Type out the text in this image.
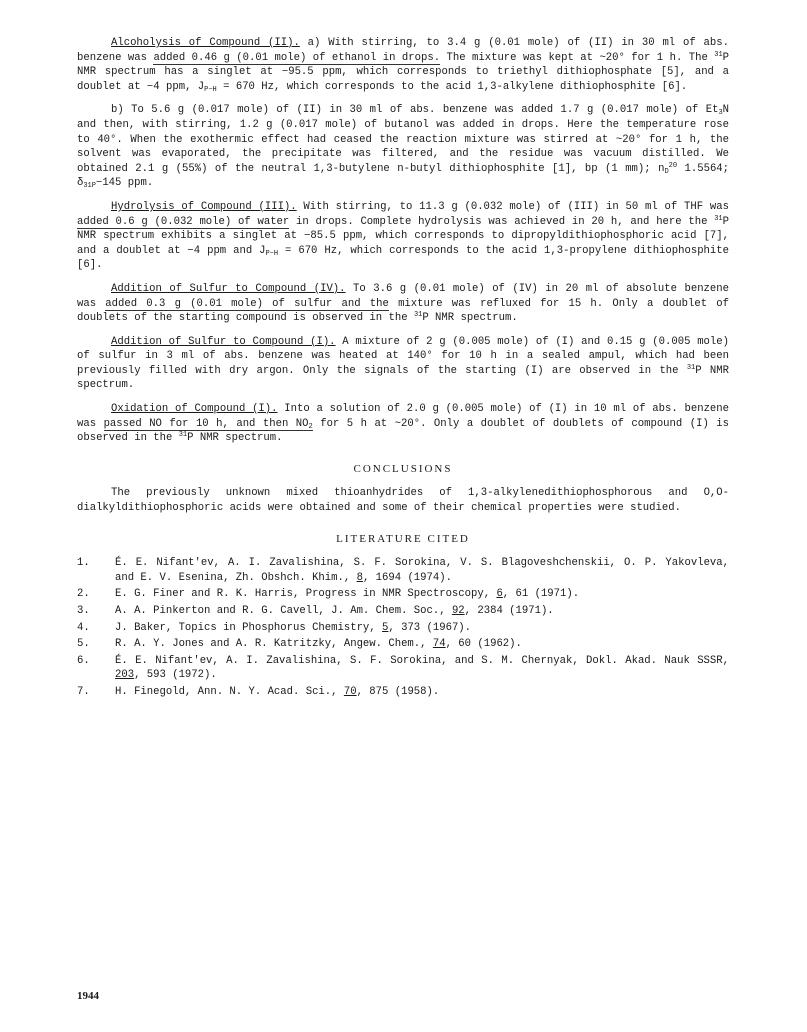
Alcoholysis of Compound (II). a) With stirring, to 3.4 g (0.01 mole) of (II) in 30 ml of abs. benzene was added 0.46 g (0.01 mole) of ethanol in drops. The mixture was kept at ~20° for 1 h. The $^{31}$P NMR spectrum has a singlet at −95.5 ppm, which corresponds to triethyl dithiophosphate [5], and a doublet at −4 ppm, $J_{P-H} = 670$ Hz, which corresponds to the acid 1,3-alkylene dithiophosphite [6].

b) To 5.6 g (0.017 mole) of (II) in 30 ml of abs. benzene was added 1.7 g (0.017 mole) of $Et_3N$ and then, with stirring, 1.2 g (0.017 mole) of butanol was added in drops. Here the temperature rose to 40°. When the exothermic effect had ceased the reaction mixture was stirred at ~20° for 1 h, the solvent was evaporated, the precipitate was filtered, and the residue was vacuum distilled. We obtained 2.1 g (55%) of the neutral 1,3-butylene n-butyl dithiophosphite [1], bp (1 mm); $n_D^{20}$ 1.5564; $\delta_{31P}-145$ ppm.

Hydrolysis of Compound (III). With stirring, to 11.3 g (0.032 mole) of (III) in 50 ml of THF was added 0.6 g (0.032 mole) of water in drops. Complete hydrolysis was achieved in 20 h, and here the $^{31}$P NMR spectrum exhibits a singlet at −85.5 ppm, which corresponds to dipropyldithiophosphoric acid [7], and a doublet at −4 ppm and $J_{P-H} = 670$ Hz, which corresponds to the acid 1,3-propylene dithiophosphite [6].

Addition of Sulfur to Compound (IV). To 3.6 g (0.01 mole) of (IV) in 20 ml of absolute benzene was added 0.3 g (0.01 mole) of sulfur and the mixture was refluxed for 15 h. Only a doublet of doublets of the starting compound is observed in the $^{31}$P NMR spectrum.

Addition of Sulfur to Compound (I). A mixture of 2 g (0.005 mole) of (I) and 0.15 g (0.005 mole) of sulfur in 3 ml of abs. benzene was heated at 140° for 10 h in a sealed ampul, which had been previously filled with dry argon. Only the signals of the starting (I) are observed in the $^{31}$P NMR spectrum.

Oxidation of Compound (I). Into a solution of 2.0 g (0.005 mole) of (I) in 10 ml of abs. benzene was passed NO for 10 h, and then $NO_2$ for 5 h at ~20°. Only a doublet of doublets of compound (I) is observed in the $^{31}$P NMR spectrum.

CONCLUSIONS

The previously unknown mixed thioanhydrides of 1,3-alkylenedithiophosphorous and O,O-dialkyldithiophosphoric acids were obtained and some of their chemical properties were studied.

LITERATURE CITED
1. É. E. Nifant'ev, A. I. Zavalishina, S. F. Sorokina, V. S. Blagoveshchenskii, O. P. Yakovleva, and E. V. Esenina, Zh. Obshch. Khim., 8, 1694 (1974).
2. E. G. Finer and R. K. Harris, Progress in NMR Spectroscopy, 6, 61 (1971).
3. A. A. Pinkerton and R. G. Cavell, J. Am. Chem. Soc., 92, 2384 (1971).
4. J. Baker, Topics in Phosphorus Chemistry, 5, 373 (1967).
5. R. A. Y. Jones and A. R. Katritzky, Angew. Chem., 74, 60 (1962).
6. É. E. Nifant'ev, A. I. Zavalishina, S. F. Sorokina, and S. M. Chernyak, Dokl. Akad. Nauk SSSR, 203, 593 (1972).
7. H. Finegold, Ann. N. Y. Acad. Sci., 70, 875 (1958).
1944
